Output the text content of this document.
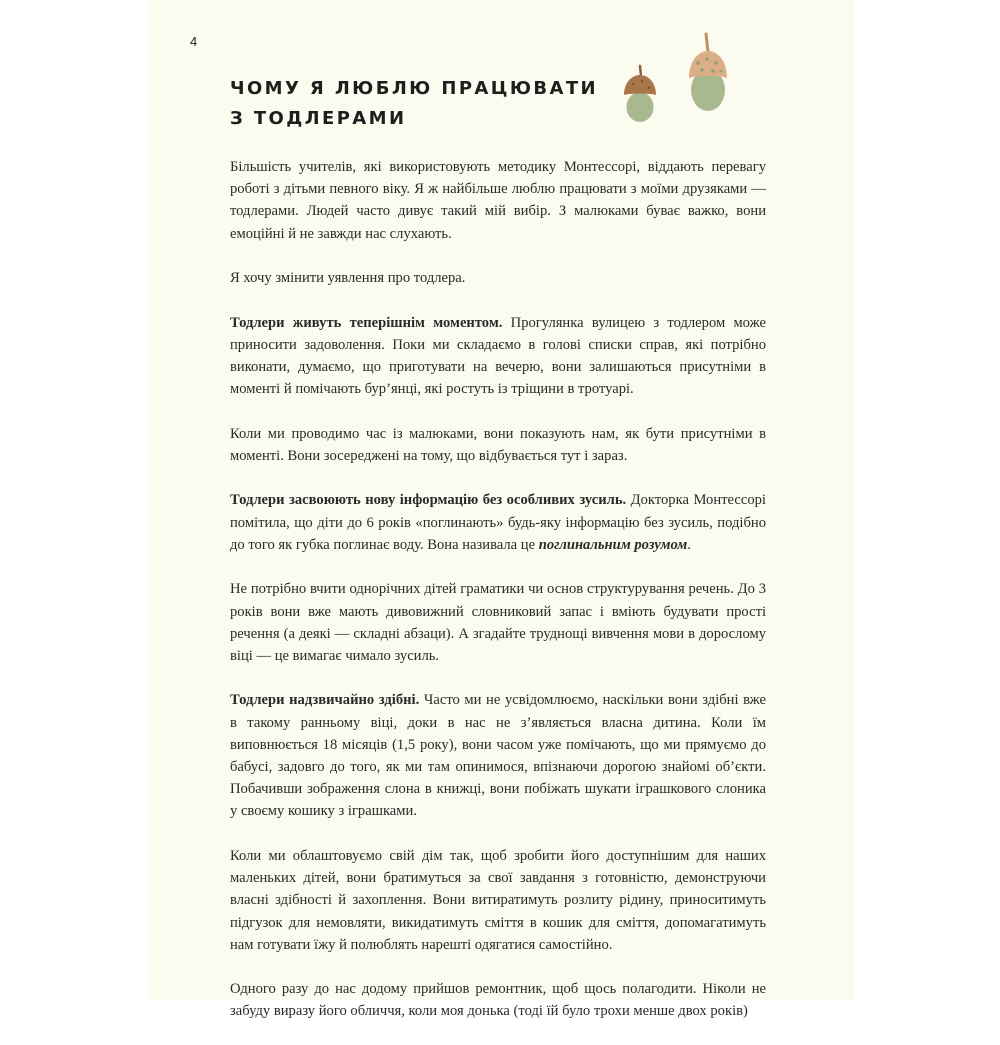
4
ЧОМУ Я ЛЮБЛЮ ПРАЦЮВАТИ
З ТОДЛЕРАМИ

Більшість учителів, які використовують методику Монтессорі, віддають перевагу роботі з дітьми певного віку. Я ж найбільше люблю працювати з моїми друзяками — тодлерами. Людей часто дивує такий мій вибір. З малюками буває важко, вони емоційні й не завжди нас слухають.

Я хочу змінити уявлення про тодлера.

Тодлери живуть теперішнім моментом. Прогулянка вулицею з тодлером може приносити задоволення. Поки ми складаємо в голові списки справ, які потрібно виконати, думаємо, що приготувати на вечерю, вони залишаються присутніми в моменті й помічають бур’янці, які ростуть із тріщини в тротуарі.

Коли ми проводимо час із малюками, вони показують нам, як бути присутніми в моменті. Вони зосереджені на тому, що відбувається тут і зараз.

Тодлери засвоюють нову інформацію без особливих зусиль. Докторка Монтессорі помітила, що діти до 6 років «поглинають» будь-яку інформацію без зусиль, подібно до того як губка поглинає воду. Вона називала це поглинальним розумом.

Не потрібно вчити однорічних дітей граматики чи основ структурування речень. До 3 років вони вже мають дивовижний словниковий запас і вміють будувати прості речення (а деякі — складні абзаци). А згадайте труднощі вивчення мови в дорослому віці — це вимагає чимало зусиль.

Тодлери надзвичайно здібні. Часто ми не усвідомлюємо, наскільки вони здібні вже в такому ранньому віці, доки в нас не з’являється власна дитина. Коли їм виповнюється 18 місяців (1,5 року), вони часом уже помічають, що ми прямуємо до бабусі, задовго до того, як ми там опинимося, впізнаючи дорогою знайомі об’єкти. Побачивши зображення слона в книжці, вони побіжать шукати іграшкового слоника у своєму кошику з іграшками.

Коли ми облаштовуємо свій дім так, щоб зробити його доступнішим для наших маленьких дітей, вони братимуться за свої завдання з готовністю, демонструючи власні здібності й захоплення. Вони витиратимуть розлиту рідину, приноситимуть підгузок для немовляти, викидатимуть сміття в кошик для сміття, допомагатимуть нам готувати їжу й полюблять нарешті одягатися самостійно.

Одного разу до нас додому прийшов ремонтник, щоб щось полагодити. Ніколи не забуду виразу його обличчя, коли моя донька (тоді їй було трохи менше двох років)
